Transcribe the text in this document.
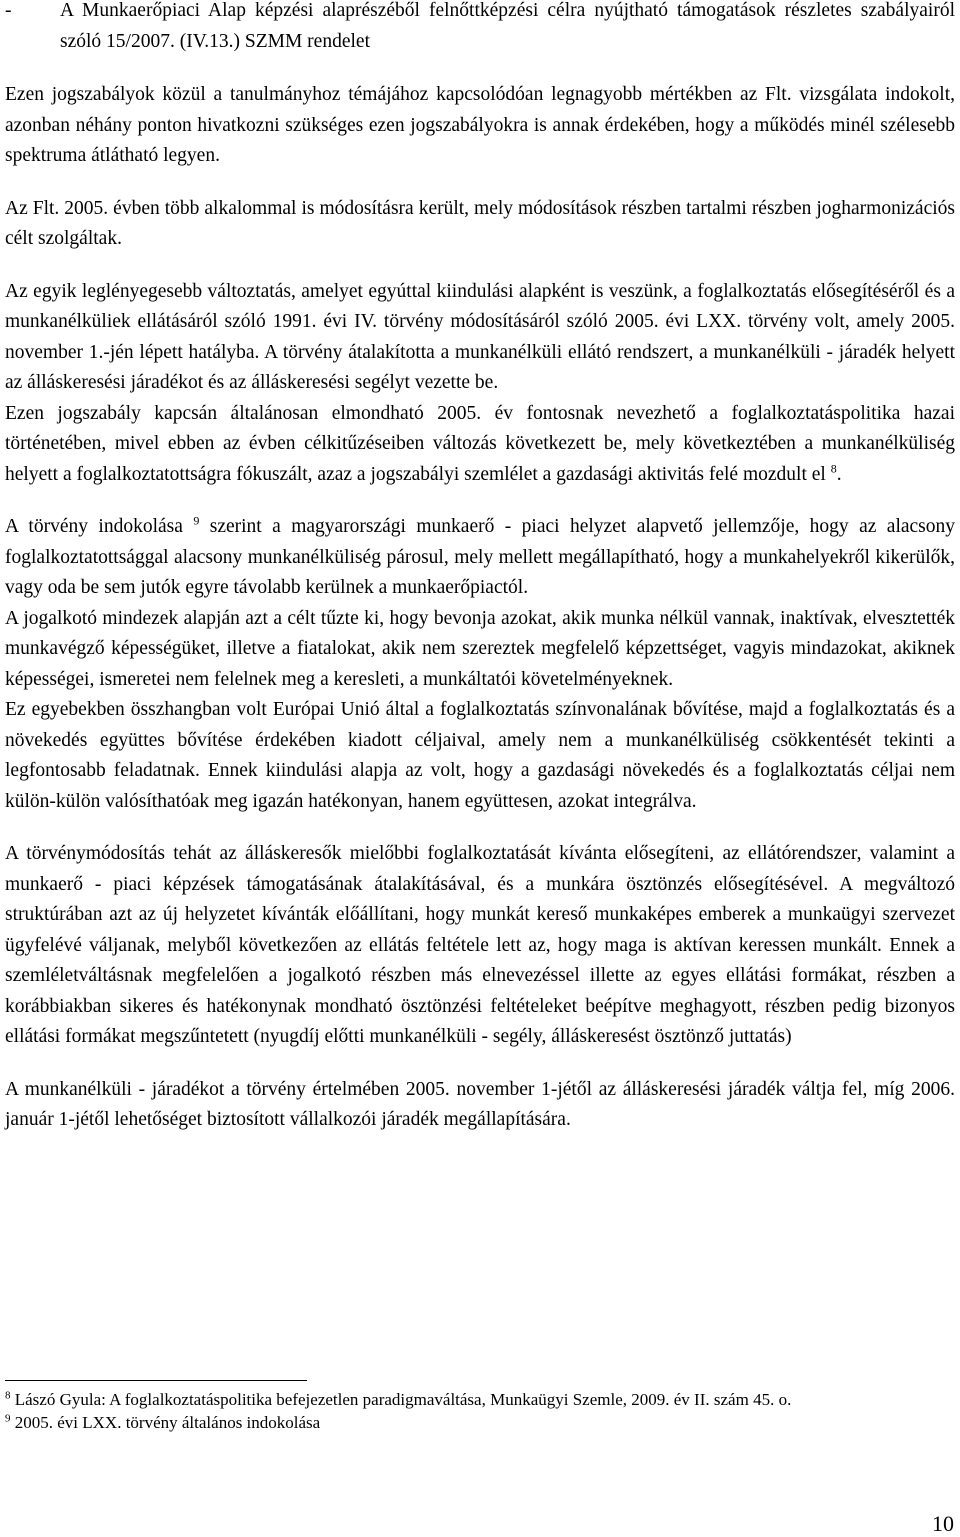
-	A Munkaerőpiaci Alap képzési alaprészéből felnőttképzési célra nyújtható támogatások részletes szabályairól szóló 15/2007. (IV.13.) SZMM rendelet

Ezen jogszabályok közül a tanulmányhoz témájához kapcsolódóan legnagyobb mértékben az Flt. vizsgálata indokolt, azonban néhány ponton hivatkozni szükséges ezen jogszabályokra is annak érdekében, hogy a működés minél szélesebb spektruma átlátható legyen.

Az Flt. 2005. évben több alkalommal is módosításra került, mely módosítások részben tartalmi részben jogharmonizációs célt szolgáltak.

Az egyik leglényegesebb változtatás, amelyet egyúttal kiindulási alapként is veszünk, a foglalkoztatás elősegítéséről és a munkanélküliek ellátásáról szóló 1991. évi IV. törvény módosításáról szóló 2005. évi LXX. törvény volt, amely 2005. november 1.-jén lépett hatályba. A törvény átalakította a munkanélküli ellátó rendszert, a munkanélküli - járadék helyett az álláskeresési járadékot és az álláskeresési segélyt vezette be.

Ezen jogszabály kapcsán általánosan elmondható 2005. év fontosnak nevezhető a foglalkoztatáspolitika hazai történetében, mivel ebben az évben célkitűzéseiben változás következett be, mely következtében a munkanélküliség helyett a foglalkoztatottságra fókuszált, azaz a jogszabályi szemlélet a gazdasági aktivitás felé mozdult el $^8$.

A törvény indokolása $^9$ szerint a magyarországi munkaerő - piaci helyzet alapvető jellemzője, hogy az alacsony foglalkoztatottsággal alacsony munkanélküliség párosul, mely mellett megállapítható, hogy a munkahelyekről kikerülők, vagy oda be sem jutók egyre távolabb kerülnek a munkaerőpiactól.

A jogalkotó mindezek alapján azt a célt tűzte ki, hogy bevonja azokat, akik munka nélkül vannak, inaktívak, elvesztették munkavégző képességüket, illetve a fiatalokat, akik nem szereztek megfelelő képzettséget, vagyis mindazokat, akiknek képességei, ismeretei nem felelnek meg a keresleti, a munkáltatói követelményeknek.

Ez egyebekben összhangban volt Európai Unió által a foglalkoztatás színvonalának bővítése, majd a foglalkoztatás és a növekedés együttes bővítése érdekében kiadott céljaival, amely nem a munkanélküliség csökkentését tekinti a legfontosabb feladatnak. Ennek kiindulási alapja az volt, hogy a gazdasági növekedés és a foglalkoztatás céljai nem külön-külön valósíthatóak meg igazán hatékonyan, hanem együttesen, azokat integrálva.

A törvénymódosítás tehát az álláskeresők mielőbbi foglalkoztatását kívánta elősegíteni, az ellátórendszer, valamint a munkaerő - piaci képzések támogatásának átalakításával, és a munkára ösztönzés elősegítésével. A megváltozó struktúrában azt az új helyzetet kívánták előállítani, hogy munkát kereső munkaképes emberek a munkaügyi szervezet ügyfelévé váljanak, melyből következően az ellátás feltétele lett az, hogy maga is aktívan keressen munkált. Ennek a szemléletváltásnak megfelelően a jogalkotó részben más elnevezéssel illette az egyes ellátási formákat, részben a korábbiakban sikeres és hatékonynak mondható ösztönzési feltételeket beépítve meghagyott, részben pedig bizonyos ellátási formákat megszűntetett (nyugdíj előtti munkanélküli - segély, álláskeresést ösztönző juttatás)

A munkanélküli - járadékot a törvény értelmében 2005. november 1-jétől az álláskeresési járadék váltja fel, míg 2006. január 1-jétől lehetőséget biztosított vállalkozói járadék megállapítására.

$^8$ Lászó Gyula: A foglalkoztatáspolitika befejezetlen paradigmaváltása, Munkaügyi Szemle, 2009. év II. szám 45. o.

$^9$ 2005. évi LXX. törvény általános indokolása

10
